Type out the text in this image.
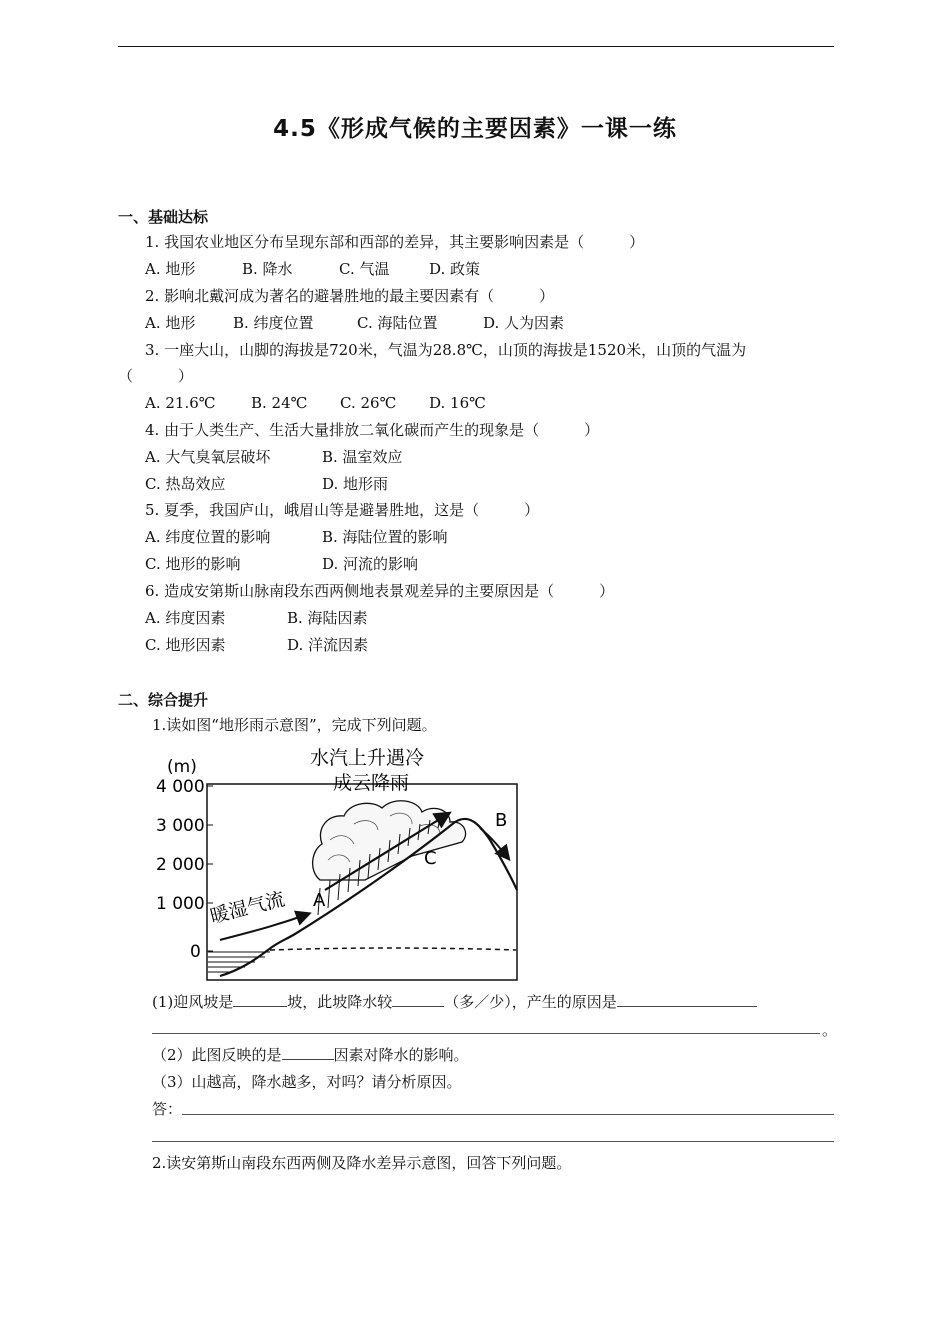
4.5《形成气候的主要因素》一课一练
一、基础达标
1. 我国农业地区分布呈现东部和西部的差异，其主要影响因素是（　　　）
A. 地形	B. 降水	C. 气温	D. 政策
2. 影响北戴河成为著名的避暑胜地的最主要因素有（　　　）
A. 地形	B. 纬度位置	C. 海陆位置	D. 人为因素
3. 一座大山，山脚的海拔是720米，气温为28.8℃，山顶的海拔是1520米，山顶的气温为
（　　　）
A. 21.6℃ B. 24℃ C. 26℃ D. 16℃
4. 由于人类生产、生活大量排放二氧化碳而产生的现象是（　　　）
A. 大气臭氧层破坏	B. 温室效应
C. 热岛效应	D. 地形雨
5. 夏季，我国庐山，峨眉山等是避暑胜地，这是（　　　）
A. 纬度位置的影响	B. 海陆位置的影响
C. 地形的影响	D. 河流的影响
6. 造成安第斯山脉南段东西两侧地表景观差异的主要原因是（　　　）
A. 纬度因素	B. 海陆因素
C. 地形因素	D. 洋流因素
二、综合提升
1.读如图“地形雨示意图”，完成下列问题。
(m)
4 000
3 000
2 000
1 000
0
水汽上升遇冷
成云降雨
暖湿气流 A
B
C
(1)迎风坡是	坡，此坡降水较	（多／少），产生的原因是
。
（2）此图反映的是	因素对降水的影响。
（3）山越高，降水越多，对吗？请分析原因。
答：
2.读安第斯山南段东西两侧及降水差异示意图，回答下列问题。
